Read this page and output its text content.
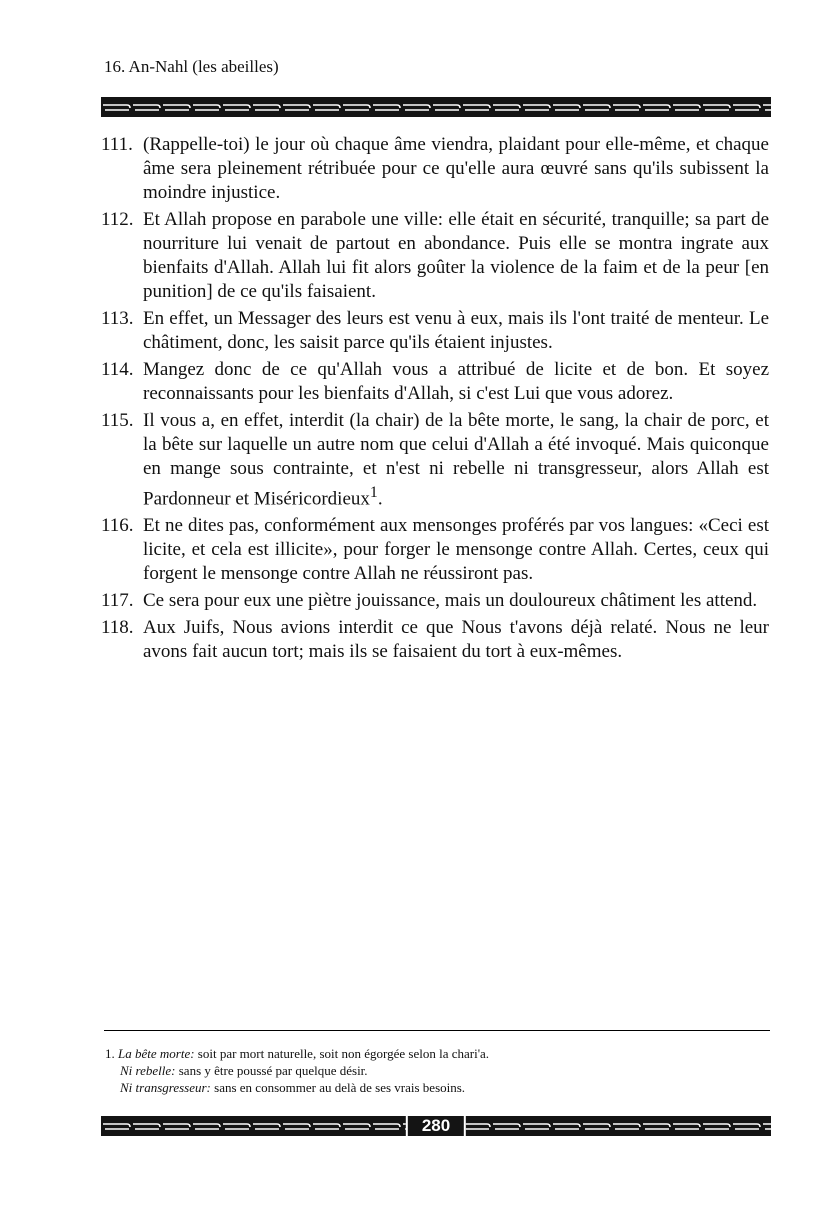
16. An-Nahl (les abeilles)
111. (Rappelle-toi) le jour où chaque âme viendra, plaidant pour elle-même, et chaque âme sera pleinement rétribuée pour ce qu'elle aura œuvré sans qu'ils subissent la moindre injustice.
112. Et Allah propose en parabole une ville: elle était en sécurité, tranquille; sa part de nourriture lui venait de partout en abondance. Puis elle se montra ingrate aux bienfaits d'Allah. Allah lui fit alors goûter la violence de la faim et de la peur [en punition] de ce qu'ils faisaient.
113. En effet, un Messager des leurs est venu à eux, mais ils l'ont traité de menteur. Le châtiment, donc, les saisit parce qu'ils étaient injustes.
114. Mangez donc de ce qu'Allah vous a attribué de licite et de bon. Et soyez reconnaissants pour les bienfaits d'Allah, si c'est Lui que vous adorez.
115. Il vous a, en effet, interdit (la chair) de la bête morte, le sang, la chair de porc, et la bête sur laquelle un autre nom que celui d'Allah a été invoqué. Mais quiconque en mange sous contrainte, et n'est ni rebelle ni transgresseur, alors Allah est Pardonneur et Miséricordieux$^1$.
116. Et ne dites pas, conformément aux mensonges proférés par vos langues: «Ceci est licite, et cela est illicite», pour forger le mensonge contre Allah. Certes, ceux qui forgent le mensonge contre Allah ne réussiront pas.
117. Ce sera pour eux une piètre jouissance, mais un douloureux châtiment les attend.
118. Aux Juifs, Nous avions interdit ce que Nous t'avons déjà relaté. Nous ne leur avons fait aucun tort; mais ils se faisaient du tort à eux-mêmes.
1. La bête morte: soit par mort naturelle, soit non égorgée selon la chari'a.
Ni rebelle: sans y être poussé par quelque désir.
Ni transgresseur: sans en consommer au delà de ses vrais besoins.
280
